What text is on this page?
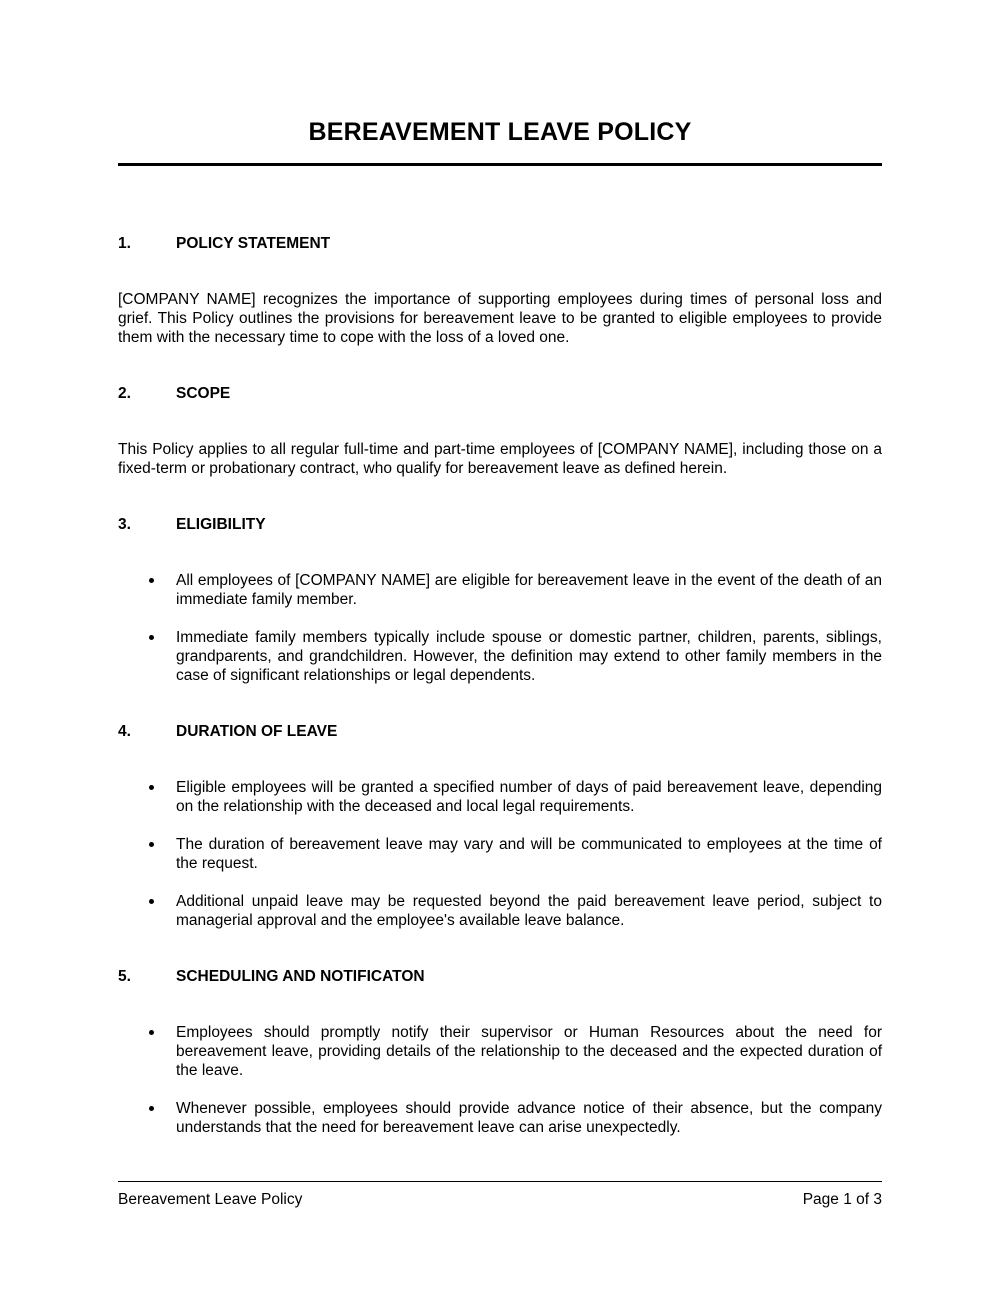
BEREAVEMENT LEAVE POLICY
1.	POLICY STATEMENT

[COMPANY NAME] recognizes the importance of supporting employees during times of personal loss and grief. This Policy outlines the provisions for bereavement leave to be granted to eligible employees to provide them with the necessary time to cope with the loss of a loved one.

2.	SCOPE

This Policy applies to all regular full-time and part-time employees of [COMPANY NAME], including those on a fixed-term or probationary contract, who qualify for bereavement leave as defined herein.

3.	ELIGIBILITY
All employees of [COMPANY NAME] are eligible for bereavement leave in the event of the death of an immediate family member.
Immediate family members typically include spouse or domestic partner, children, parents, siblings, grandparents, and grandchildren. However, the definition may extend to other family members in the case of significant relationships or legal dependents.
4.	DURATION OF LEAVE
Eligible employees will be granted a specified number of days of paid bereavement leave, depending on the relationship with the deceased and local legal requirements.
The duration of bereavement leave may vary and will be communicated to employees at the time of the request.
Additional unpaid leave may be requested beyond the paid bereavement leave period, subject to managerial approval and the employee's available leave balance.
5.	SCHEDULING AND NOTIFICATON
Employees should promptly notify their supervisor or Human Resources about the need for bereavement leave, providing details of the relationship to the deceased and the expected duration of the leave.
Whenever possible, employees should provide advance notice of their absence, but the company understands that the need for bereavement leave can arise unexpectedly.
Bereavement Leave Policy	Page 1 of 3
